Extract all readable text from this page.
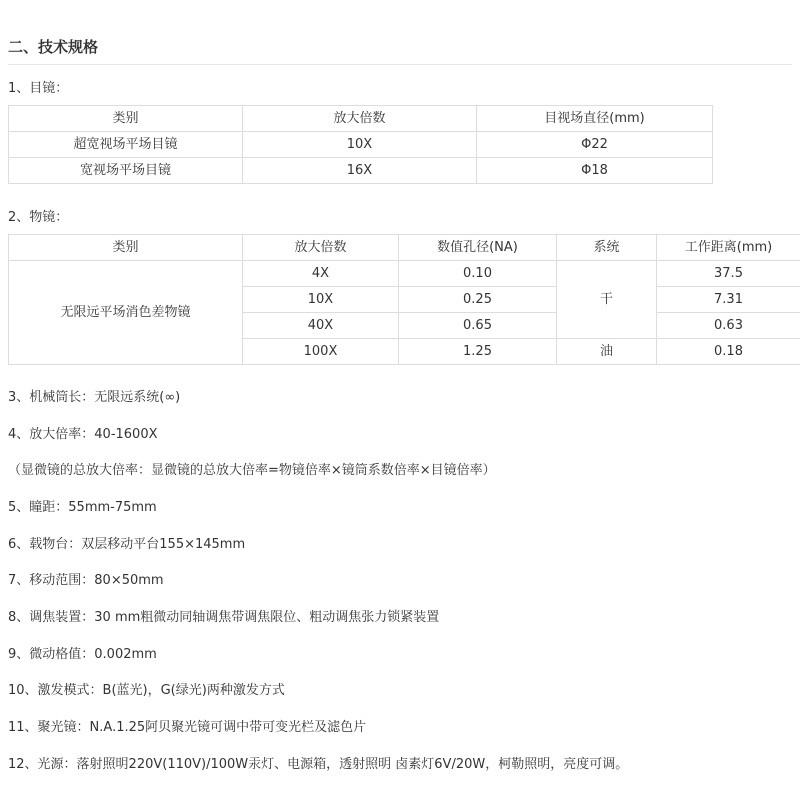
二、技术规格
1、目镜：
类别	放大倍数	目视场直径(mm)
超宽视场平场目镜	10X	Φ22
宽视场平场目镜	16X	Φ18
2、物镜：
类别	放大倍数	数值孔径(NA)	系统	工作距离(mm)
无限远平场消色差物镜	4X	0.10	干	37.5
	10X	0.25		7.31
	40X	0.65		0.63
	100X	1.25	油	0.18
3、机械筒长：无限远系统(∞)
4、放大倍率：40-1600X
（显微镜的总放大倍率：显微镜的总放大倍率=物镜倍率×镜筒系数倍率×目镜倍率）
5、瞳距：55mm-75mm
6、载物台：双层移动平台155×145mm
7、移动范围：80×50mm
8、调焦装置：30 mm粗微动同轴调焦带调焦限位、粗动调焦张力锁紧装置
9、微动格值：0.002mm
10、激发模式：B(蓝光)，G(绿光)两种激发方式
11、聚光镜：N.A.1.25阿贝聚光镜可调中带可变光栏及滤色片
12、光源：落射照明220V(110V)/100W汞灯、电源箱，透射照明 卤素灯6V/20W，柯勒照明，亮度可调。
